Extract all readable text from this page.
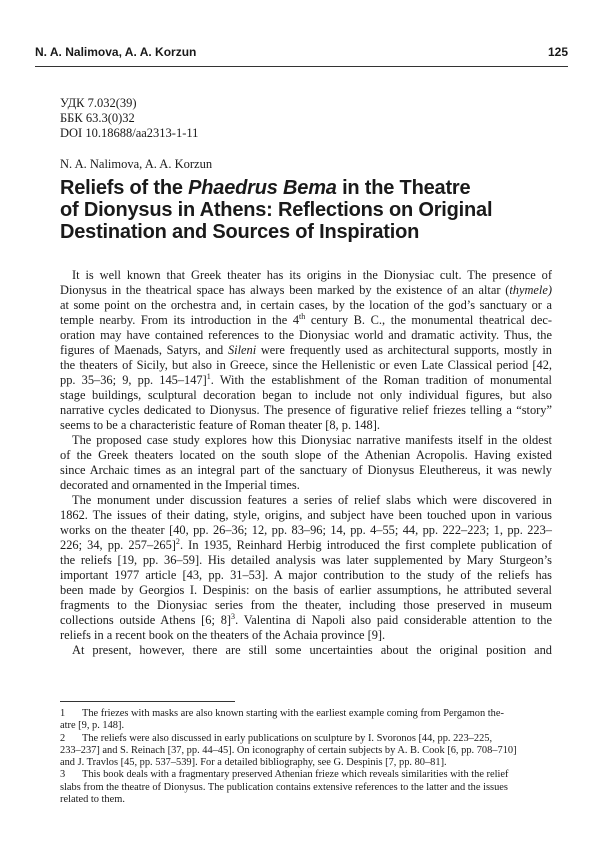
N. A. Nalimova, A. A. Korzun	125
УДК 7.032(39)
ББК 63.3(0)32
DOI 10.18688/aa2313-1-11
N. A. Nalimova, A. A. Korzun
Reliefs of the Phaedrus Bema in the Theatre
of Dionysus in Athens: Reflections on Original
Destination and Sources of Inspiration
It is well known that Greek theater has its origins in the Dionysiac cult. The presence of
Dionysus in the theatrical space has always been marked by the existence of an altar (thymele)
at some point on the orchestra and, in certain cases, by the location of the god’s sanctuary or a
temple nearby. From its introduction in the 4th century B. C., the monumental theatrical dec-
oration may have contained references to the Dionysiac world and dramatic activity. Thus, the
figures of Maenads, Satyrs, and Sileni were frequently used as architectural supports, mostly in
the theaters of Sicily, but also in Greece, since the Hellenistic or even Late Classical period [42,
pp. 35–36; 9, pp. 145–147]$^1$. With the establishment of the Roman tradition of monumental
stage buildings, sculptural decoration began to include not only individual figures, but also
narrative cycles dedicated to Dionysus. The presence of figurative relief friezes telling a “story”
seems to be a characteristic feature of Roman theater [8, p. 148].
The proposed case study explores how this Dionysiac narrative manifests itself in the oldest
of the Greek theaters located on the south slope of the Athenian Acropolis. Having existed
since Archaic times as an integral part of the sanctuary of Dionysus Eleuthereus, it was newly
decorated and ornamented in the Imperial times.
The monument under discussion features a series of relief slabs which were discovered in
1862. The issues of their dating, style, origins, and subject have been touched upon in various
works on the theater [40, pp. 26–36; 12, pp. 83–96; 14, pp. 4–55; 44, pp. 222–223; 1, pp. 223–
226; 34, pp. 257–265]$^2$. In 1935, Reinhard Herbig introduced the first complete publication of
the reliefs [19, pp. 36–59]. His detailed analysis was later supplemented by Mary Sturgeon’s
important 1977 article [43, pp. 31–53]. A major contribution to the study of the reliefs has
been made by Georgios I. Despinis: on the basis of earlier assumptions, he attributed several
fragments to the Dionysiac series from the theater, including those preserved in museum
collections outside Athens [6; 8]$^3$. Valentina di Napoli also paid considerable attention to the
reliefs in a recent book on the theaters of the Achaia province [9].
At present, however, there are still some uncertainties about the original position and
1 The friezes with masks are also known starting with the earliest example coming from Pergamon the-
atre [9, p. 148].
2 The reliefs were also discussed in early publications on sculpture by I. Svoronos [44, pp. 223–225,
233–237] and S. Reinach [37, pp. 44–45]. On iconography of certain subjects by A. B. Cook [6, pp. 708–710]
and J. Travlos [45, pp. 537–539]. For a detailed bibliography, see G. Despinis [7, pp. 80–81].
3 This book deals with a fragmentary preserved Athenian frieze which reveals similarities with the relief
slabs from the theatre of Dionysus. The publication contains extensive references to the latter and the issues
related to them.
